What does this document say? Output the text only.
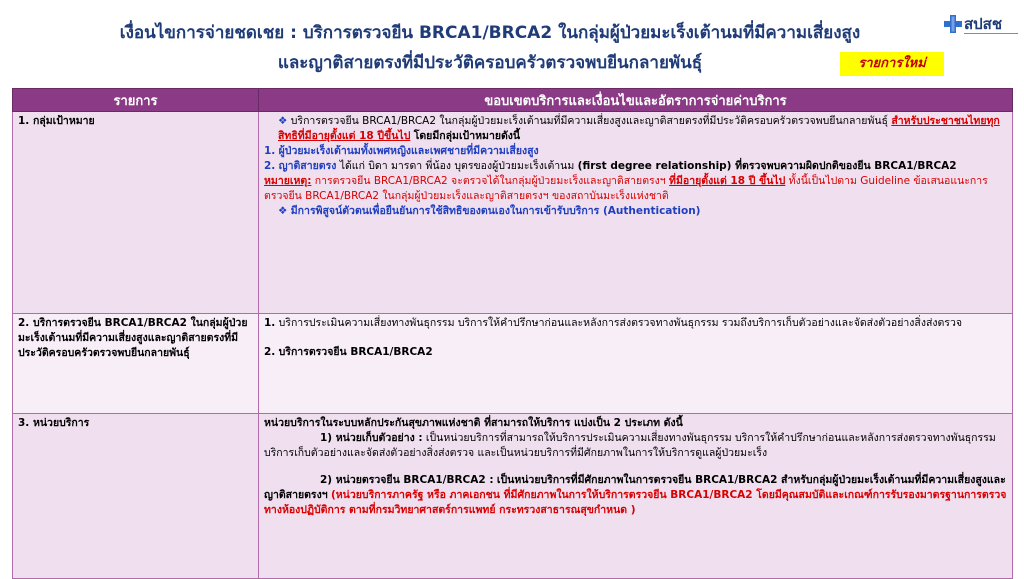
เงื่อนไขการจ่ายชดเชย : บริการตรวจยีน BRCA1/BRCA2 ในกลุ่มผู้ป่วยมะเร็งเต้านมที่มีความเสี่ยงสูง
และญาติสายตรงที่มีประวัติครอบครัวตรวจพบยีนกลายพันธุ์
สปสช
รายการใหม่
รายการ	ขอบเขตบริการและเงื่อนไขและอัตราการจ่ายค่าบริการ
1. กลุ่มเป้าหมาย	❖ บริการตรวจยีน BRCA1/BRCA2 ในกลุ่มผู้ป่วยมะเร็งเต้านมที่มีความเสี่ยงสูงและญาติสายตรงที่มีประวัติครอบครัวตรวจพบยีนกลายพันธุ์ สำหรับประชาชนไทยทุกสิทธิที่มีอายุตั้งแต่ 18 ปีขึ้นไป โดยมีกลุ่มเป้าหมายดังนี้

1. ผู้ป่วยมะเร็งเต้านมทั้งเพศหญิงและเพศชายที่มีความเสี่ยงสูง

2. ญาติสายตรง ได้แก่ บิดา มารดา พี่น้อง บุตรของผู้ป่วยมะเร็งเต้านม (first degree relationship) ที่ตรวจพบความผิดปกติของยีน BRCA1/BRCA2

หมายเหตุ: การตรวจยีน BRCA1/BRCA2 จะตรวจได้ในกลุ่มผู้ป่วยมะเร็งและญาติสายตรงฯ ที่มีอายุตั้งแต่ 18 ปี ขึ้นไป ทั้งนี้เป็นไปตาม Guideline ข้อเสนอแนะการตรวจยีน BRCA1/BRCA2 ในกลุ่มผู้ป่วยมะเร็งและญาติสายตรงฯ ของสถาบันมะเร็งแห่งชาติ

❖ มีการพิสูจน์ตัวตนเพื่อยืนยันการใช้สิทธิของตนเองในการเข้ารับบริการ (Authentication)

2. บริการตรวจยีน BRCA1/BRCA2 ในกลุ่มผู้ป่วยมะเร็งเต้านมที่มีความเสี่ยงสูงและญาติสายตรงที่มีประวัติครอบครัวตรวจพบยีนกลายพันธุ์	1. บริการประเมินความเสี่ยงทางพันธุกรรม บริการให้คำปรึกษาก่อนและหลังการส่งตรวจทางพันธุกรรม รวมถึงบริการเก็บตัวอย่างและจัดส่งตัวอย่างสิ่งส่งตรวจ

2. บริการตรวจยีน BRCA1/BRCA2

3. หน่วยบริการ	หน่วยบริการในระบบหลักประกันสุขภาพแห่งชาติ ที่สามารถให้บริการ แบ่งเป็น 2 ประเภท ดังนี้

1) หน่วยเก็บตัวอย่าง : เป็นหน่วยบริการที่สามารถให้บริการประเมินความเสี่ยงทางพันธุกรรม บริการให้คำปรึกษาก่อนและหลังการส่งตรวจทางพันธุกรรม บริการเก็บตัวอย่างและจัดส่งตัวอย่างสิ่งส่งตรวจ และเป็นหน่วยบริการที่มีศักยภาพในการให้บริการดูแลผู้ป่วยมะเร็ง

2) หน่วยตรวจยีน BRCA1/BRCA2 : เป็นหน่วยบริการที่มีศักยภาพในการตรวจยีน BRCA1/BRCA2 สำหรับกลุ่มผู้ป่วยมะเร็งเต้านมที่มีความเสี่ยงสูงและญาติสายตรงฯ (หน่วยบริการภาครัฐ หรือ ภาคเอกชน ที่มีศักยภาพในการให้บริการตรวจยีน BRCA1/BRCA2 โดยมีคุณสมบัติและเกณฑ์การรับรองมาตรฐานการตรวจทางห้องปฏิบัติการ ตามที่กรมวิทยาศาสตร์การแพทย์ กระทรวงสาธารณสุขกำหนด )
